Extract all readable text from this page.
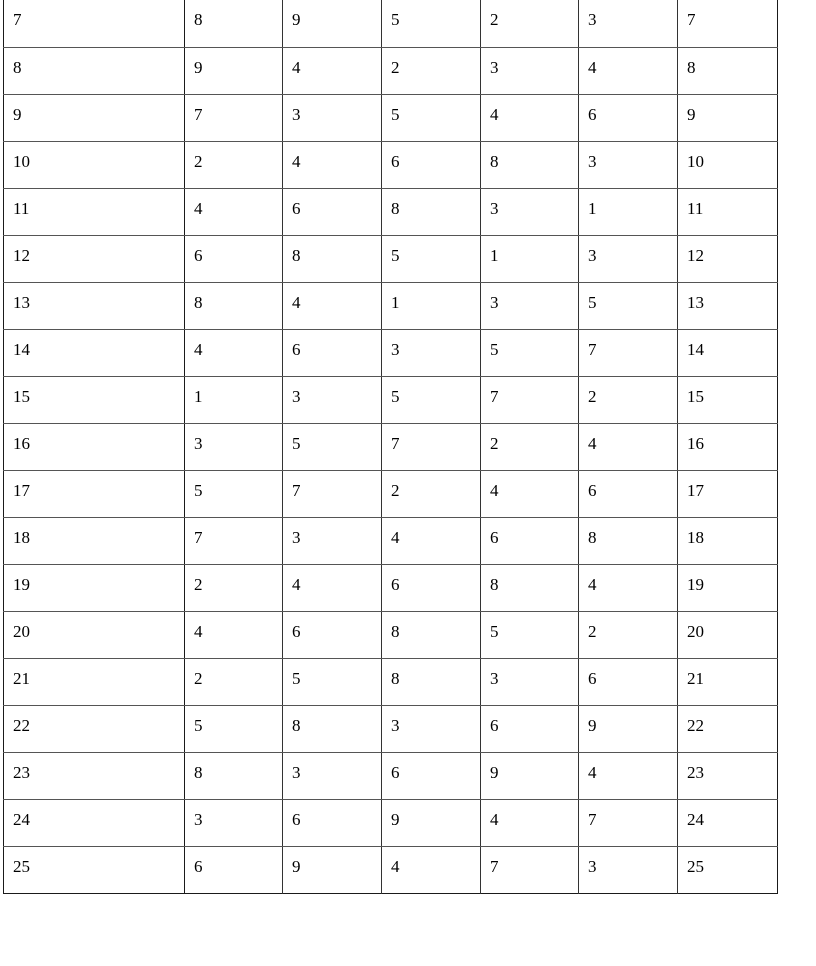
7	8	9	5	2	3	7

8	9	4	2	3	4	8

9	7	3	5	4	6	9

10	2	4	6	8	3	10

11	4	6	8	3	1	11

12	6	8	5	1	3	12

13	8	4	1	3	5	13

14	4	6	3	5	7	14

15	1	3	5	7	2	15

16	3	5	7	2	4	16

17	5	7	2	4	6	17

18	7	3	4	6	8	18

19	2	4	6	8	4	19

20	4	6	8	5	2	20

21	2	5	8	3	6	21

22	5	8	3	6	9	22

23	8	3	6	9	4	23

24	3	6	9	4	7	24

25	6	9	4	7	3	25
